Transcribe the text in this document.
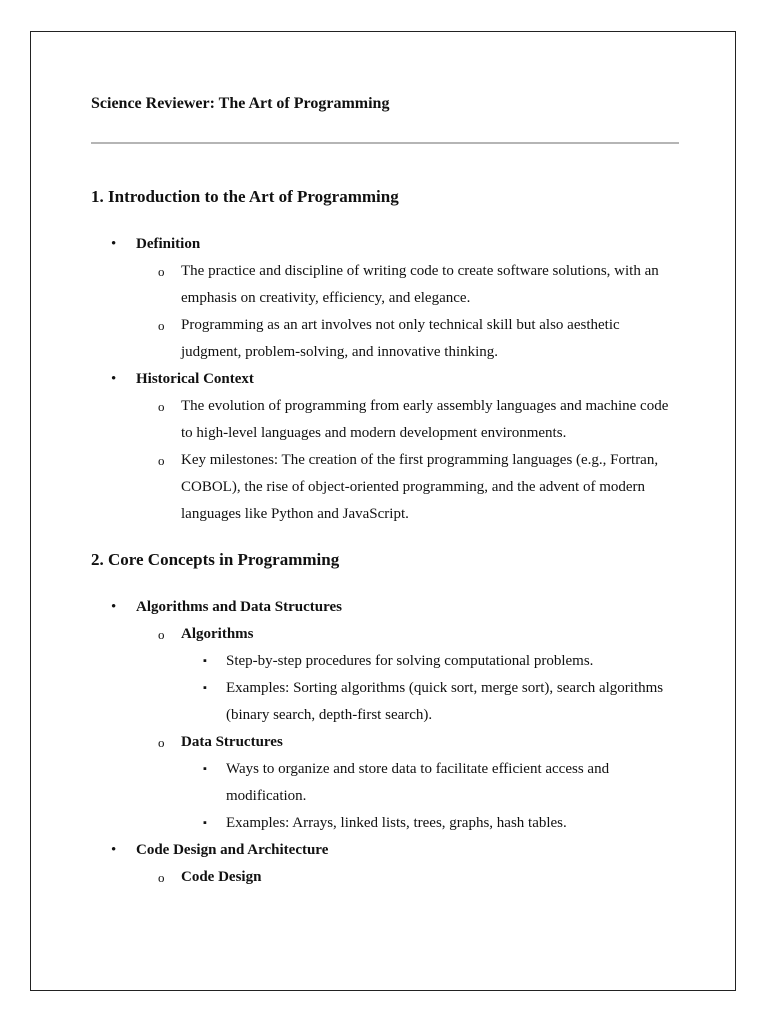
Science Reviewer: The Art of Programming

1. Introduction to the Art of Programming
•	Definition
o	The practice and discipline of writing code to create software solutions, with an emphasis on creativity, efficiency, and elegance.
o	Programming as an art involves not only technical skill but also aesthetic judgment, problem-solving, and innovative thinking.
•	Historical Context
o	The evolution of programming from early assembly languages and machine code to high-level languages and modern development environments.
o	Key milestones: The creation of the first programming languages (e.g., Fortran, COBOL), the rise of object-oriented programming, and the advent of modern languages like Python and JavaScript.
2. Core Concepts in Programming
•	Algorithms and Data Structures
o	Algorithms
▪	Step-by-step procedures for solving computational problems.
▪	Examples: Sorting algorithms (quick sort, merge sort), search algorithms (binary search, depth-first search).
o	Data Structures
▪	Ways to organize and store data to facilitate efficient access and modification.
▪	Examples: Arrays, linked lists, trees, graphs, hash tables.
•	Code Design and Architecture
o	Code Design
